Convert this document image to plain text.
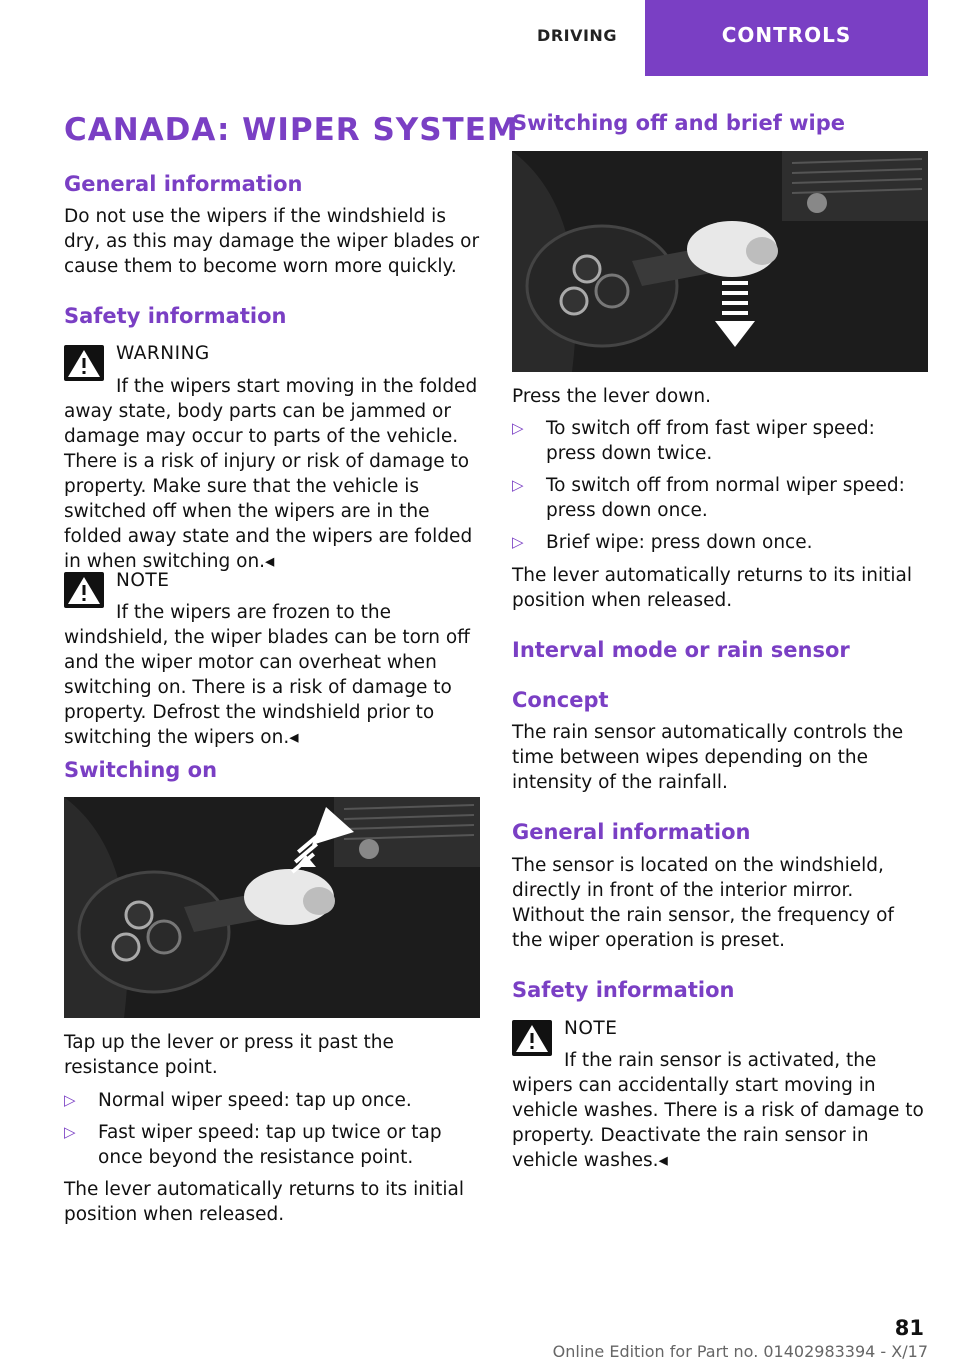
DRIVING	CONTROLS
CANADA: WIPER SYSTEM
General information

Do not use the wipers if the windshield is dry, as this may damage the wiper blades or cause them to become worn more quickly.

Safety information
WARNING

If the wipers start moving in the folded away state, body parts can be jammed or damage may occur to parts of the vehicle. There is a risk of injury or risk of damage to property. Make sure that the vehicle is switched off when the wipers are in the folded away state and the wipers are folded in when switching on.◂

NOTE

If the wipers are frozen to the windshield, the wiper blades can be torn off and the wiper motor can overheat when switching on. There is a risk of damage to property. Defrost the windshield prior to switching the wipers on.◂

Switching on

Tap up the lever or press it past the resistance point.

▷ Normal wiper speed: tap up once.
▷ Fast wiper speed: tap up twice or tap once beyond the resistance point.

The lever automatically returns to its initial position when released.

Switching off and brief wipe

Press the lever down.

▷ To switch off from fast wiper speed: press down twice.
▷ To switch off from normal wiper speed: press down once.
▷ Brief wipe: press down once.

The lever automatically returns to its initial position when released.

Interval mode or rain sensor
Concept

The rain sensor automatically controls the time between wipes depending on the intensity of the rainfall.

General information

The sensor is located on the windshield, directly in front of the interior mirror. Without the rain sensor, the frequency of the wiper operation is preset.

Safety information
NOTE

If the rain sensor is activated, the wipers can accidentally start moving in vehicle washes. There is a risk of damage to property. Deactivate the rain sensor in vehicle washes.◂

81
Online Edition for Part no. 01402983394 - X/17
